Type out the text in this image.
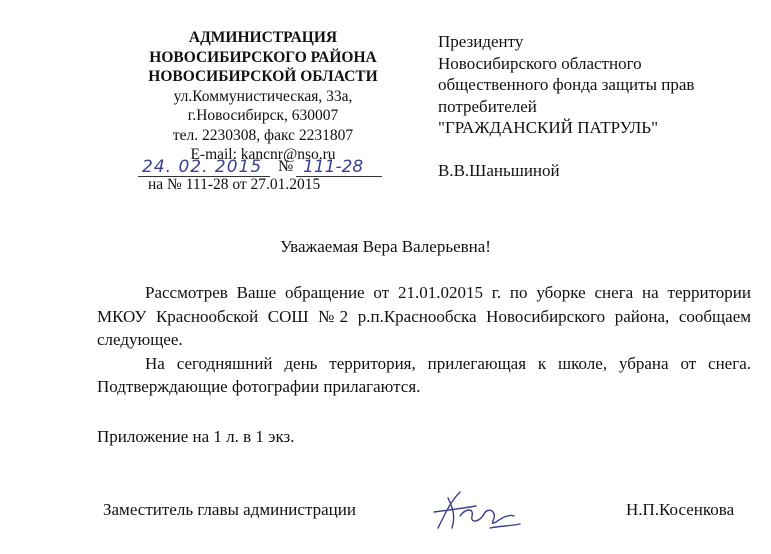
АДМИНИСТРАЦИЯ
НОВОСИБИРСКОГО РАЙОНА
НОВОСИБИРСКОЙ ОБЛАСТИ
ул.Коммунистическая, 33а,
г.Новосибирск, 630007
тел. 2230308, факс 2231807
E-mail: kancnr@nso.ru
24. 02. 2015 № 111-28
на № 111-28 от 27.01.2015
Президенту
Новосибирского областного
общественного фонда защиты прав
потребителей
"ГРАЖДАНСКИЙ ПАТРУЛЬ"
В.В.Шаньшиной
Уважаемая Вера Валерьевна!

Рассмотрев Ваше обращение от 21.01.02015 г. по уборке снега на территории МКОУ Краснообской СОШ №2 р.п.Краснообска Новосибирского района, сообщаем следующее.

На сегодняшний день территория, прилегающая к школе, убрана от снега. Подтверждающие фотографии прилагаются.

Приложение на 1 л. в 1 экз.
Заместитель главы администрации	Н.П.Косенкова
